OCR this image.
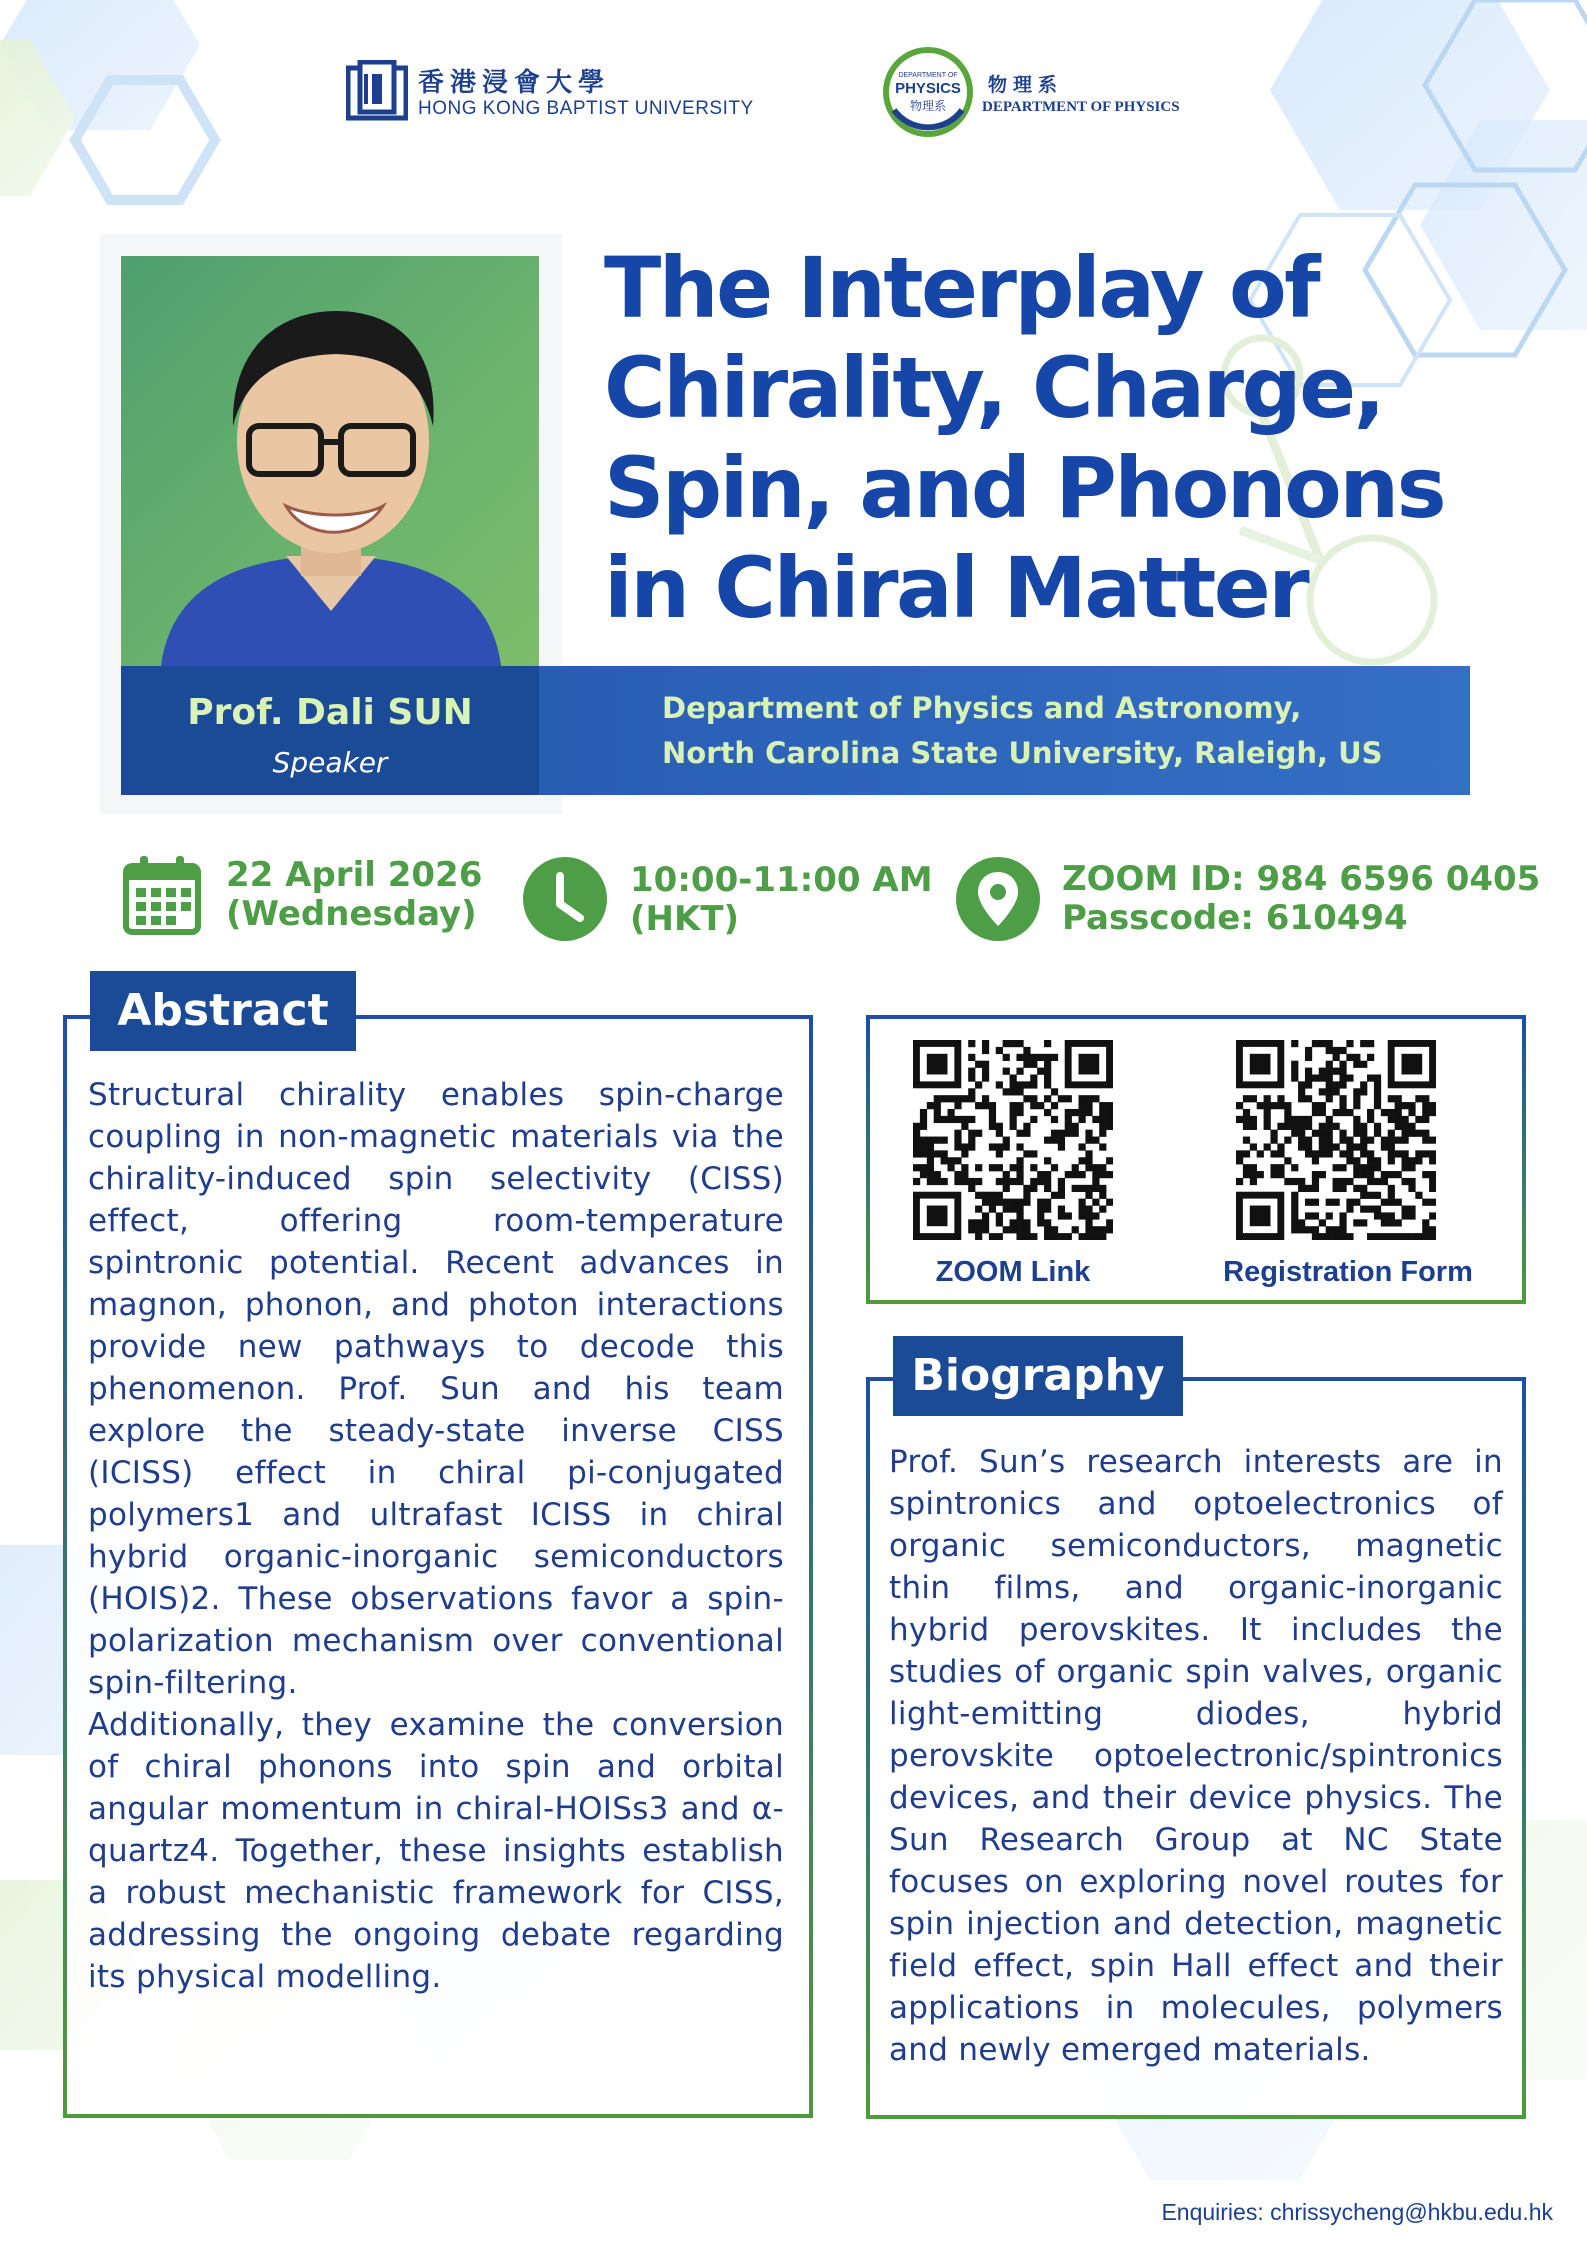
香港浸會大學
HONG KONG BAPTIST UNIVERSITY
DEPARTMENT OF
PHYSICS
物理系
物理系
DEPARTMENT OF PHYSICS
The Interplay of
Chirality, Charge,
Spin, and Phonons
in Chiral Matter
Prof. Dali SUN
Speaker
Department of Physics and Astronomy,
North Carolina State University, Raleigh, US
22 April 2026
(Wednesday)
10:00-11:00 AM
(HKT)
ZOOM ID: 984 6596 0405
Passcode: 610494
Abstract

Structural chirality enables spin-charge coupling in non-magnetic materials via the chirality-induced spin selectivity (CISS) effect, offering room-temperature spintronic potential. Recent advances in magnon, phonon, and photon interactions provide new pathways to decode this phenomenon. Prof. Sun and his team explore the steady-state inverse CISS (ICISS) effect in chiral pi-conjugated polymers1 and ultrafast ICISS in chiral hybrid organic-inorganic semiconductors (HOIS)2. These observations favor a spin-polarization mechanism over conventional spin-filtering.

Additionally, they examine the conversion of chiral phonons into spin and orbital angular momentum in chiral-HOISs3 and α-quartz4. Together, these insights establish a robust mechanistic framework for CISS, addressing the ongoing debate regarding its physical modelling.

ZOOM Link	Registration Form
Biography
Prof. Sun’s research interests are in spintronics and optoelectronics of organic semiconductors, magnetic thin films, and organic-inorganic hybrid perovskites. It includes the studies of organic spin valves, organic light-emitting diodes, hybrid perovskite optoelectronic/spintronics devices, and their device physics. The Sun Research Group at NC State focuses on exploring novel routes for spin injection and detection, magnetic field effect, spin Hall effect and their applications in molecules, polymers and newly emerged materials.
Enquiries: chrissycheng@hkbu.edu.hk
